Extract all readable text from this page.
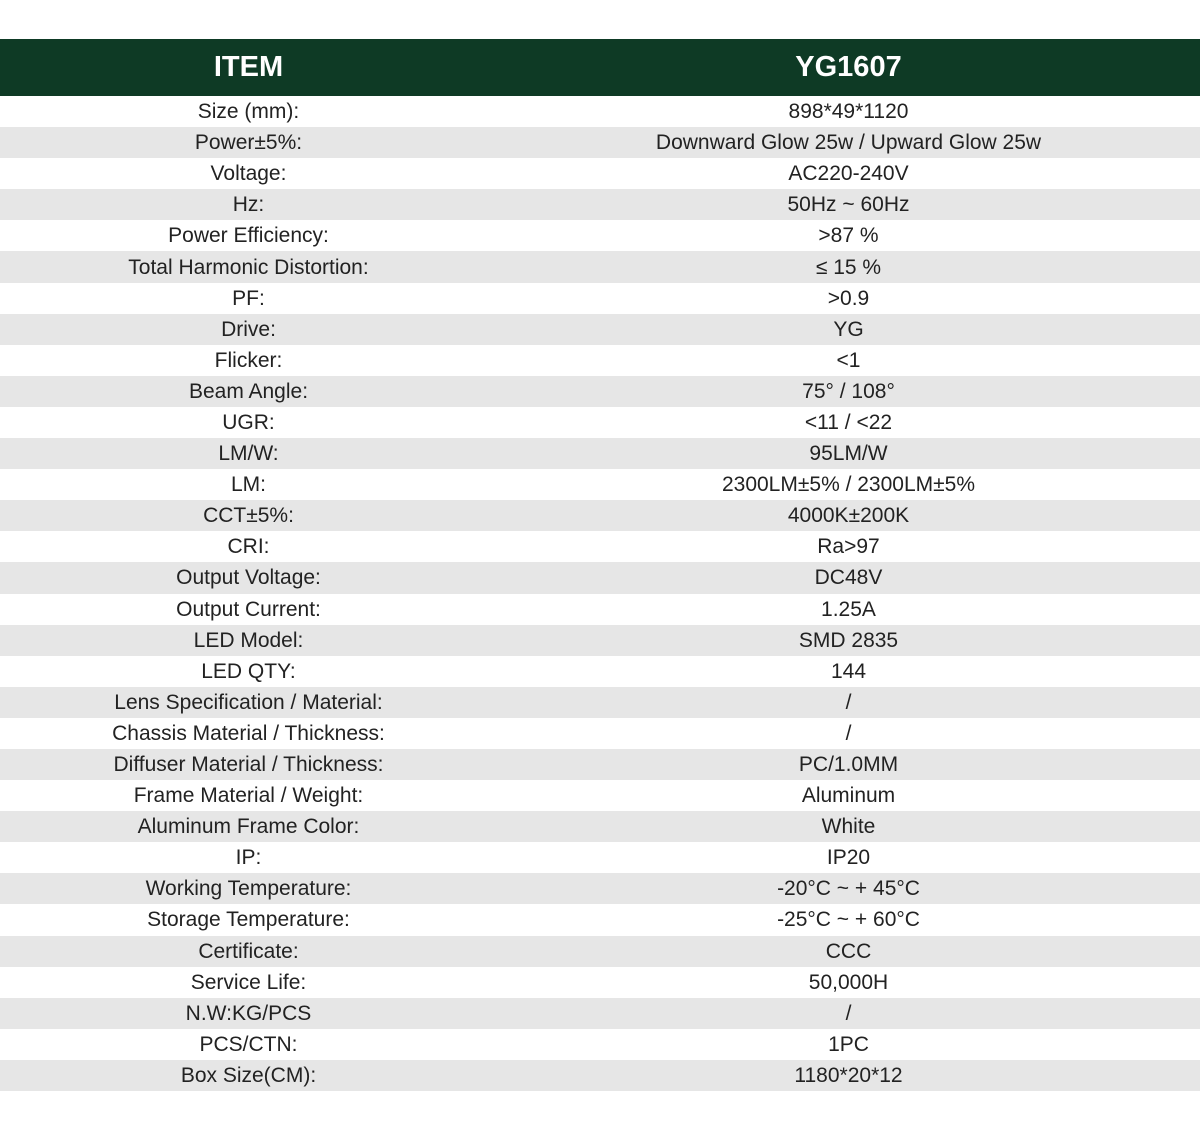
ITEM	YG1607
Size (mm):	898*49*1120
Power±5%:	Downward Glow 25w / Upward Glow 25w
Voltage:	AC220-240V
Hz:	50Hz ~ 60Hz
Power Efficiency:	>87 %
Total Harmonic Distortion:	≤ 15 %
PF:	>0.9
Drive:	YG
Flicker:	<1
Beam Angle:	75° / 108°
UGR:	<11 / <22
LM/W:	95LM/W
LM:	2300LM±5% / 2300LM±5%
CCT±5%:	4000K±200K
CRI:	Ra>97
Output Voltage:	DC48V
Output Current:	1.25A
LED Model:	SMD 2835
LED QTY:	144
Lens Specification / Material:	/
Chassis Material / Thickness:	/
Diffuser Material / Thickness:	PC/1.0MM
Frame Material / Weight:	Aluminum
Aluminum Frame Color:	White
IP:	IP20
Working Temperature:	-20°C ~ + 45°C
Storage Temperature:	-25°C ~ + 60°C
Certificate:	CCC
Service Life:	50,000H
N.W:KG/PCS	/
PCS/CTN:	1PC
Box Size(CM):	1180*20*12
